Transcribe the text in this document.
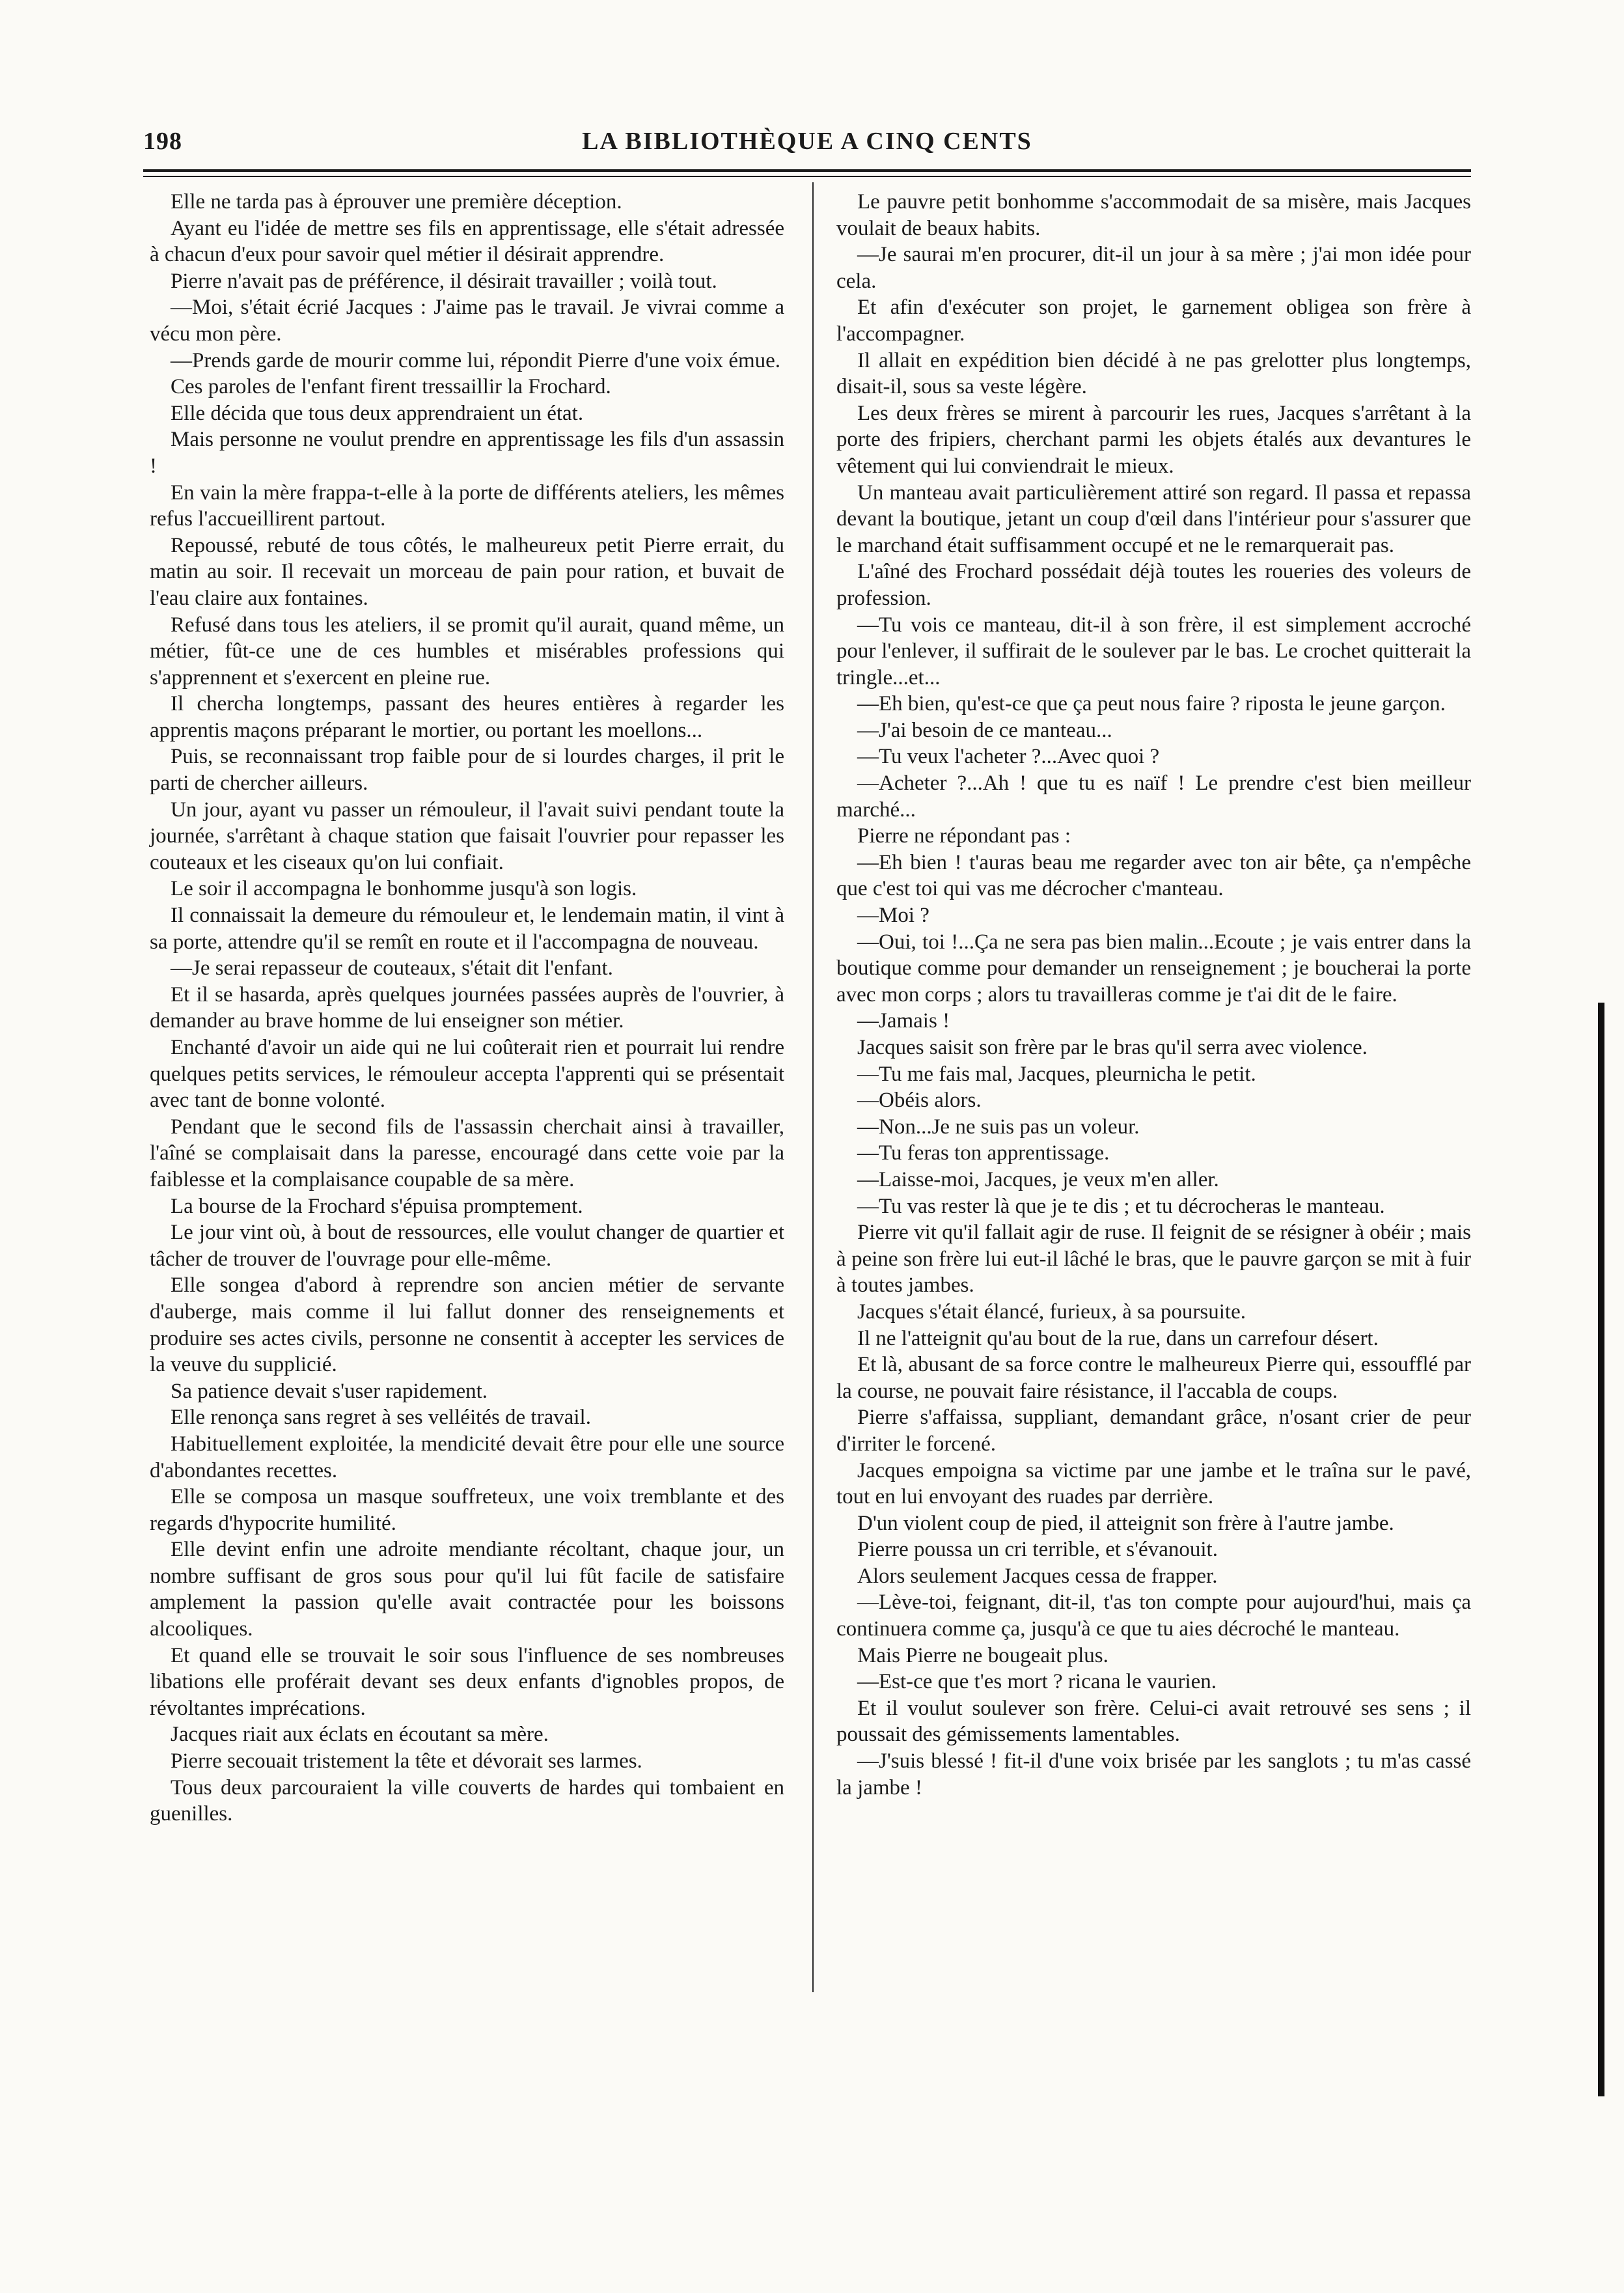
198	LA BIBLIOTHÈQUE A CINQ CENTS

Elle ne tarda pas à éprouver une première déception.

Ayant eu l'idée de mettre ses fils en apprentissage, elle s'était adressée à chacun d'eux pour savoir quel métier il désirait apprendre.

Pierre n'avait pas de préférence, il désirait travailler ; voilà tout.

—Moi, s'était écrié Jacques : J'aime pas le travail. Je vivrai comme a vécu mon père.

—Prends garde de mourir comme lui, répondit Pierre d'une voix émue.

Ces paroles de l'enfant firent tressaillir la Frochard.

Elle décida que tous deux apprendraient un état.

Mais personne ne voulut prendre en apprentissage les fils d'un assassin !

En vain la mère frappa-t-elle à la porte de différents ateliers, les mêmes refus l'accueillirent partout.

Repoussé, rebuté de tous côtés, le malheureux petit Pierre errait, du matin au soir. Il recevait un morceau de pain pour ration, et buvait de l'eau claire aux fontaines.

Refusé dans tous les ateliers, il se promit qu'il aurait, quand même, un métier, fût-ce une de ces humbles et misérables professions qui s'apprennent et s'exercent en pleine rue.

Il chercha longtemps, passant des heures entières à regarder les apprentis maçons préparant le mortier, ou portant les moellons...

Puis, se reconnaissant trop faible pour de si lourdes charges, il prit le parti de chercher ailleurs.

Un jour, ayant vu passer un rémouleur, il l'avait suivi pendant toute la journée, s'arrêtant à chaque station que faisait l'ouvrier pour repasser les couteaux et les ciseaux qu'on lui confiait.

Le soir il accompagna le bonhomme jusqu'à son logis.

Il connaissait la demeure du rémouleur et, le lendemain matin, il vint à sa porte, attendre qu'il se remît en route et il l'accompagna de nouveau.

—Je serai repasseur de couteaux, s'était dit l'enfant.

Et il se hasarda, après quelques journées passées auprès de l'ouvrier, à demander au brave homme de lui enseigner son métier.

Enchanté d'avoir un aide qui ne lui coûterait rien et pourrait lui rendre quelques petits services, le rémouleur accepta l'apprenti qui se présentait avec tant de bonne volonté.

Pendant que le second fils de l'assassin cherchait ainsi à travailler, l'aîné se complaisait dans la paresse, encouragé dans cette voie par la faiblesse et la complaisance coupable de sa mère.

La bourse de la Frochard s'épuisa promptement.

Le jour vint où, à bout de ressources, elle voulut changer de quartier et tâcher de trouver de l'ouvrage pour elle-même.

Elle songea d'abord à reprendre son ancien métier de servante d'auberge, mais comme il lui fallut donner des renseignements et produire ses actes civils, personne ne consentit à accepter les services de la veuve du supplicié.

Sa patience devait s'user rapidement.

Elle renonça sans regret à ses velléités de travail.

Habituellement exploitée, la mendicité devait être pour elle une source d'abondantes recettes.

Elle se composa un masque souffreteux, une voix tremblante et des regards d'hypocrite humilité.

Elle devint enfin une adroite mendiante récoltant, chaque jour, un nombre suffisant de gros sous pour qu'il lui fût facile de satisfaire amplement la passion qu'elle avait contractée pour les boissons alcooliques.

Et quand elle se trouvait le soir sous l'influence de ses nombreuses libations elle proférait devant ses deux enfants d'ignobles propos, de révoltantes imprécations.

Jacques riait aux éclats en écoutant sa mère.

Pierre secouait tristement la tête et dévorait ses larmes.

Tous deux parcouraient la ville couverts de hardes qui tombaient en guenilles.

Le pauvre petit bonhomme s'accommodait de sa misère, mais Jacques voulait de beaux habits.

—Je saurai m'en procurer, dit-il un jour à sa mère ; j'ai mon idée pour cela.

Et afin d'exécuter son projet, le garnement obligea son frère à l'accompagner.

Il allait en expédition bien décidé à ne pas grelotter plus longtemps, disait-il, sous sa veste légère.

Les deux frères se mirent à parcourir les rues, Jacques s'arrêtant à la porte des fripiers, cherchant parmi les objets étalés aux devantures le vêtement qui lui conviendrait le mieux.

Un manteau avait particulièrement attiré son regard. Il passa et repassa devant la boutique, jetant un coup d'œil dans l'intérieur pour s'assurer que le marchand était suffisamment occupé et ne le remarquerait pas.

L'aîné des Frochard possédait déjà toutes les roueries des voleurs de profession.

—Tu vois ce manteau, dit-il à son frère, il est simplement accroché pour l'enlever, il suffirait de le soulever par le bas. Le crochet quitterait la tringle...et...

—Eh bien, qu'est-ce que ça peut nous faire ? riposta le jeune garçon.

—J'ai besoin de ce manteau...

—Tu veux l'acheter ?...Avec quoi ?

—Acheter ?...Ah ! que tu es naïf ! Le prendre c'est bien meilleur marché...

Pierre ne répondant pas :

—Eh bien ! t'auras beau me regarder avec ton air bête, ça n'empêche que c'est toi qui vas me décrocher c'manteau.

—Moi ?

—Oui, toi !...Ça ne sera pas bien malin...Ecoute ; je vais entrer dans la boutique comme pour demander un renseignement ; je boucherai la porte avec mon corps ; alors tu travailleras comme je t'ai dit de le faire.

—Jamais !

Jacques saisit son frère par le bras qu'il serra avec violence.

—Tu me fais mal, Jacques, pleurnicha le petit.

—Obéis alors.

—Non...Je ne suis pas un voleur.

—Tu feras ton apprentissage.

—Laisse-moi, Jacques, je veux m'en aller.

—Tu vas rester là que je te dis ; et tu décrocheras le manteau.

Pierre vit qu'il fallait agir de ruse. Il feignit de se résigner à obéir ; mais à peine son frère lui eut-il lâché le bras, que le pauvre garçon se mit à fuir à toutes jambes.

Jacques s'était élancé, furieux, à sa poursuite.

Il ne l'atteignit qu'au bout de la rue, dans un carrefour désert.

Et là, abusant de sa force contre le malheureux Pierre qui, essoufflé par la course, ne pouvait faire résistance, il l'accabla de coups.

Pierre s'affaissa, suppliant, demandant grâce, n'osant crier de peur d'irriter le forcené.

Jacques empoigna sa victime par une jambe et le traîna sur le pavé, tout en lui envoyant des ruades par derrière.

D'un violent coup de pied, il atteignit son frère à l'autre jambe.

Pierre poussa un cri terrible, et s'évanouit.

Alors seulement Jacques cessa de frapper.

—Lève-toi, feignant, dit-il, t'as ton compte pour aujourd'hui, mais ça continuera comme ça, jusqu'à ce que tu aies décroché le manteau.

Mais Pierre ne bougeait plus.

—Est-ce que t'es mort ? ricana le vaurien.

Et il voulut soulever son frère. Celui-ci avait retrouvé ses sens ; il poussait des gémissements lamentables.

—J'suis blessé ! fit-il d'une voix brisée par les sanglots ; tu m'as cassé la jambe !
